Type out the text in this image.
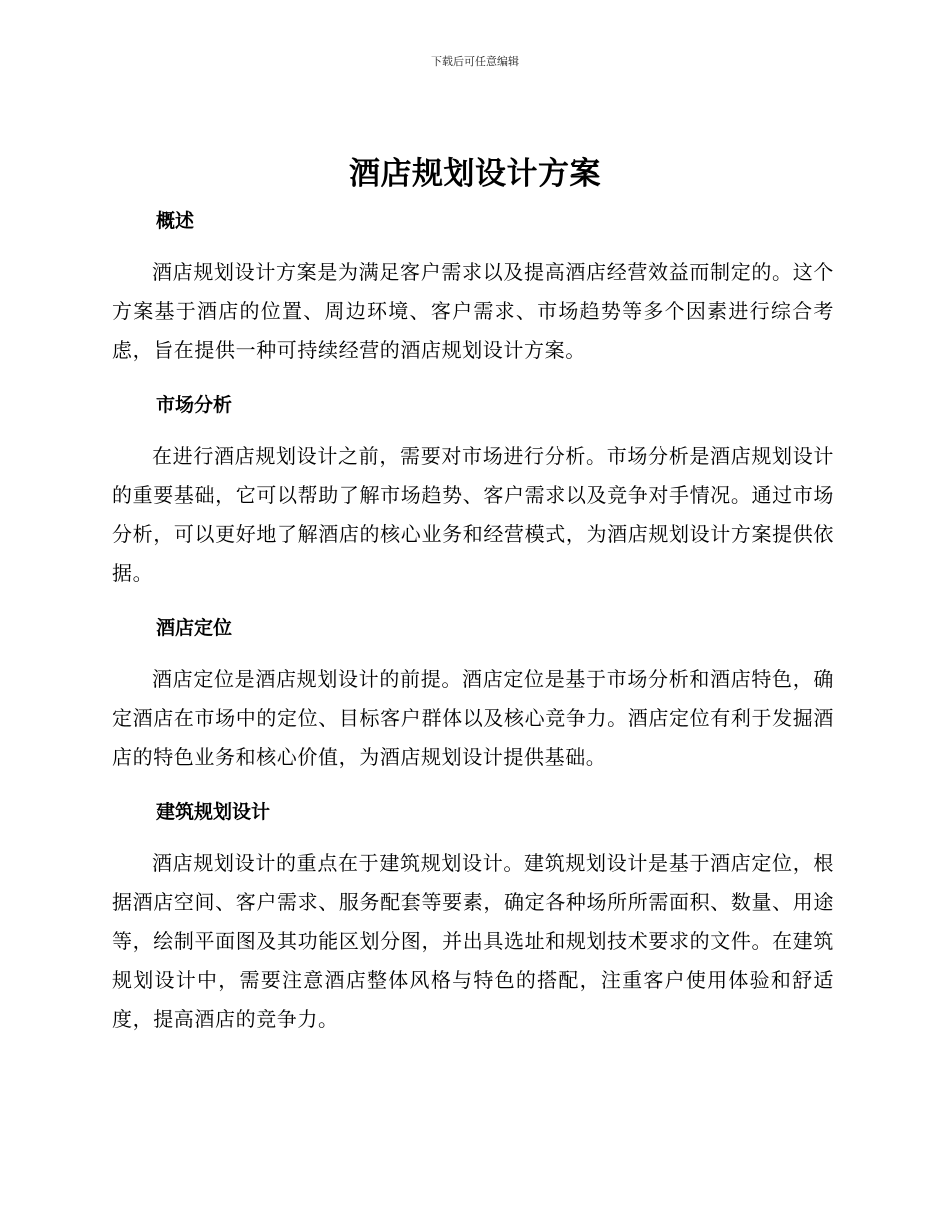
下载后可任意编辑
酒店规划设计方案
概述

酒店规划设计方案是为满足客户需求以及提高酒店经营效益而制定的。这个方案基于酒店的位置、周边环境、客户需求、市场趋势等多个因素进行综合考虑，旨在提供一种可持续经营的酒店规划设计方案。

市场分析

在进行酒店规划设计之前，需要对市场进行分析。市场分析是酒店规划设计的重要基础，它可以帮助了解市场趋势、客户需求以及竞争对手情况。通过市场分析，可以更好地了解酒店的核心业务和经营模式，为酒店规划设计方案提供依据。

酒店定位

酒店定位是酒店规划设计的前提。酒店定位是基于市场分析和酒店特色，确定酒店在市场中的定位、目标客户群体以及核心竞争力。酒店定位有利于发掘酒店的特色业务和核心价值，为酒店规划设计提供基础。

建筑规划设计

酒店规划设计的重点在于建筑规划设计。建筑规划设计是基于酒店定位，根据酒店空间、客户需求、服务配套等要素，确定各种场所所需面积、数量、用途等，绘制平面图及其功能区划分图，并出具选址和规划技术要求的文件。在建筑规划设计中，需要注意酒店整体风格与特色的搭配，注重客户使用体验和舒适度，提高酒店的竞争力。
